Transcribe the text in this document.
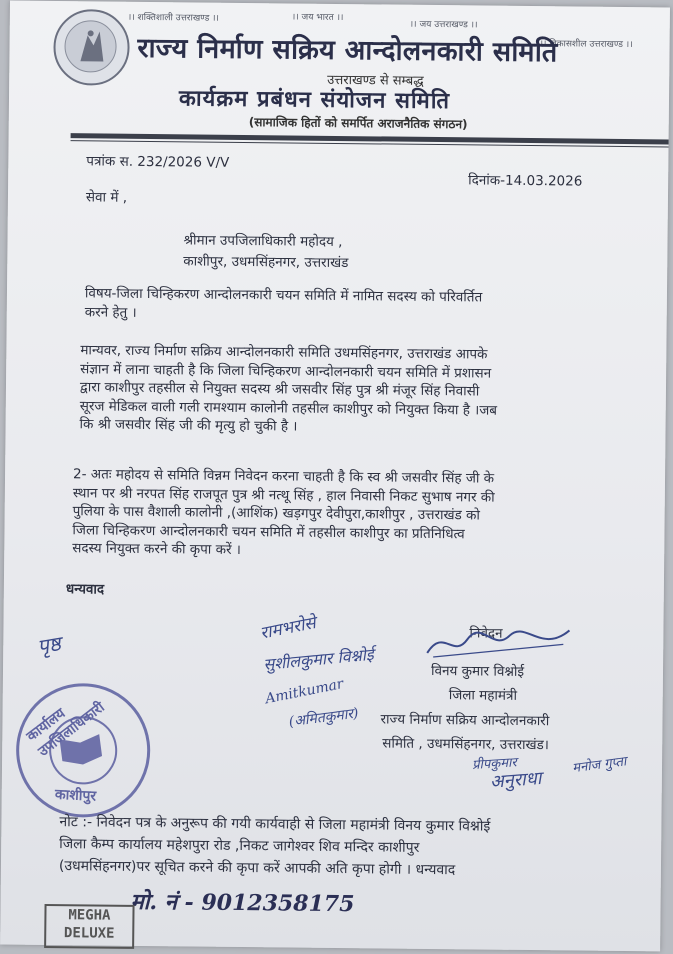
।। शक्तिशाली उत्तराखण्ड ।।	।। जय भारत ।।
।। जय उत्तराखण्ड ।।
।। विकासशील उत्तराखण्ड ।।
राज्य निर्माण सक्रिय आन्दोलनकारी समिति
उत्तराखण्ड से सम्बद्ध
कार्यक्रम प्रबंधन संयोजन समिति
(सामाजिक हितों को समर्पित अराजनैतिक संगठन)
पत्रांक स. 232/2026 V/V
दिनांक-14.03.2026
सेवा में ,
श्रीमान उपजिलाधिकारी महोदय ,
काशीपुर, उधमसिंहनगर, उत्तराखंड
विषय-जिला चिन्हिकरण आन्दोलनकारी चयन समिति में नामित सदस्य को परिवर्तित
करने हेतु ।
मान्यवर, राज्य निर्माण सक्रिय आन्दोलनकारी समिति उधमसिंहनगर, उत्तराखंड आपके
संज्ञान में लाना चाहती है कि जिला चिन्हिकरण आन्दोलनकारी चयन समिति में प्रशासन
द्वारा काशीपुर तहसील से नियुक्त सदस्य श्री जसवीर सिंह पुत्र श्री मंजूर सिंह निवासी
सूरज मेडिकल वाली गली रामश्याम कालोनी तहसील काशीपुर को नियुक्त किया है ।जब
कि श्री जसवीर सिंह जी की मृत्यु हो चुकी है ।
2- अतः महोदय से समिति विन्नम निवेदन करना चाहती है कि स्व श्री जसवीर सिंह जी के
स्थान पर श्री नरपत सिंह राजपूत पुत्र श्री नत्थू सिंह , हाल निवासी निकट सुभाष नगर की
पुलिया के पास वैशाली कालोनी ,(आशिंक) खड़गपुर देवीपुरा,काशीपुर , उत्तराखंड को
जिला चिन्हिकरण आन्दोलनकारी चयन समिति में तहसील काशीपुर का प्रतिनिधित्व
सदस्य नियुक्त करने की कृपा करें ।
धन्यवाद
निवेदन
विनय कुमार विश्नोई
जिला महामंत्री
राज्य निर्माण सक्रिय आन्दोलनकारी
समिति , उधमसिंहनगर, उत्तराखंड।
पृष्ठ
रामभरोसे
सुशीलकुमार विश्नोई
Amitkumar
(अमितकुमार)
प्रीपकुमार
अनुराधा
मनोज गुप्ता
कार्यालय उपजिलाधिकारी
काशीपुर
नोट :- निवेदन पत्र के अनुरूप की गयी कार्यवाही से जिला महामंत्री विनय कुमार विश्नोई
जिला कैम्प कार्यालय महेशपुरा रोड ,निकट जागेश्वर शिव मन्दिर काशीपुर
(उधमसिंहनगर)पर सूचित करने की कृपा करें आपकी अति कृपा होगी । धन्यवाद
मो. नं - 9012358175
MEGHA
DELUXE
